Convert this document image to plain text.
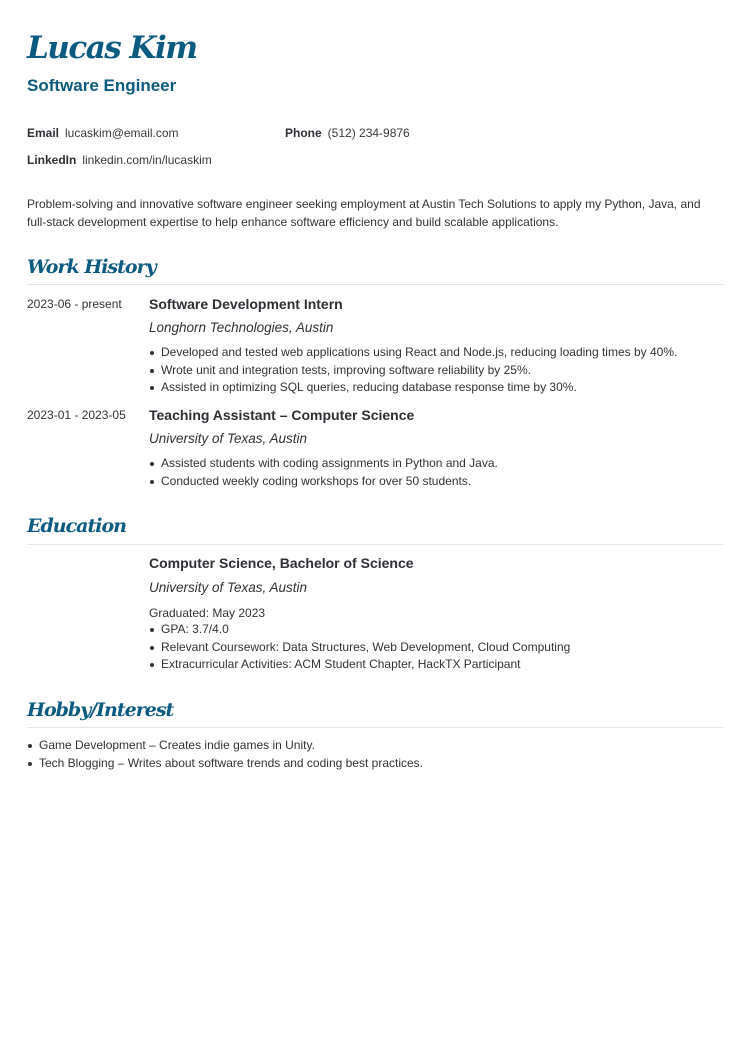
Lucas Kim
Software Engineer
Email lucaskim@email.com	Phone (512) 234-9876
LinkedIn linkedin.com/in/lucaskim
Problem-solving and innovative software engineer seeking employment at Austin Tech Solutions to apply my Python, Java, and full-stack development expertise to help enhance software efficiency and build scalable applications.
Work History
2023-06 - present Software Development Intern
Longhorn Technologies, Austin
Developed and tested web applications using React and Node.js, reducing loading times by 40%.
Wrote unit and integration tests, improving software reliability by 25%.
Assisted in optimizing SQL queries, reducing database response time by 30%.
2023-01 - 2023-05 Teaching Assistant – Computer Science
University of Texas, Austin
Assisted students with coding assignments in Python and Java.
Conducted weekly coding workshops for over 50 students.
Education
Computer Science, Bachelor of Science
University of Texas, Austin
Graduated: May 2023
GPA: 3.7/4.0
Relevant Coursework: Data Structures, Web Development, Cloud Computing
Extracurricular Activities: ACM Student Chapter, HackTX Participant
Hobby/Interest
Game Development – Creates indie games in Unity.
Tech Blogging – Writes about software trends and coding best practices.
